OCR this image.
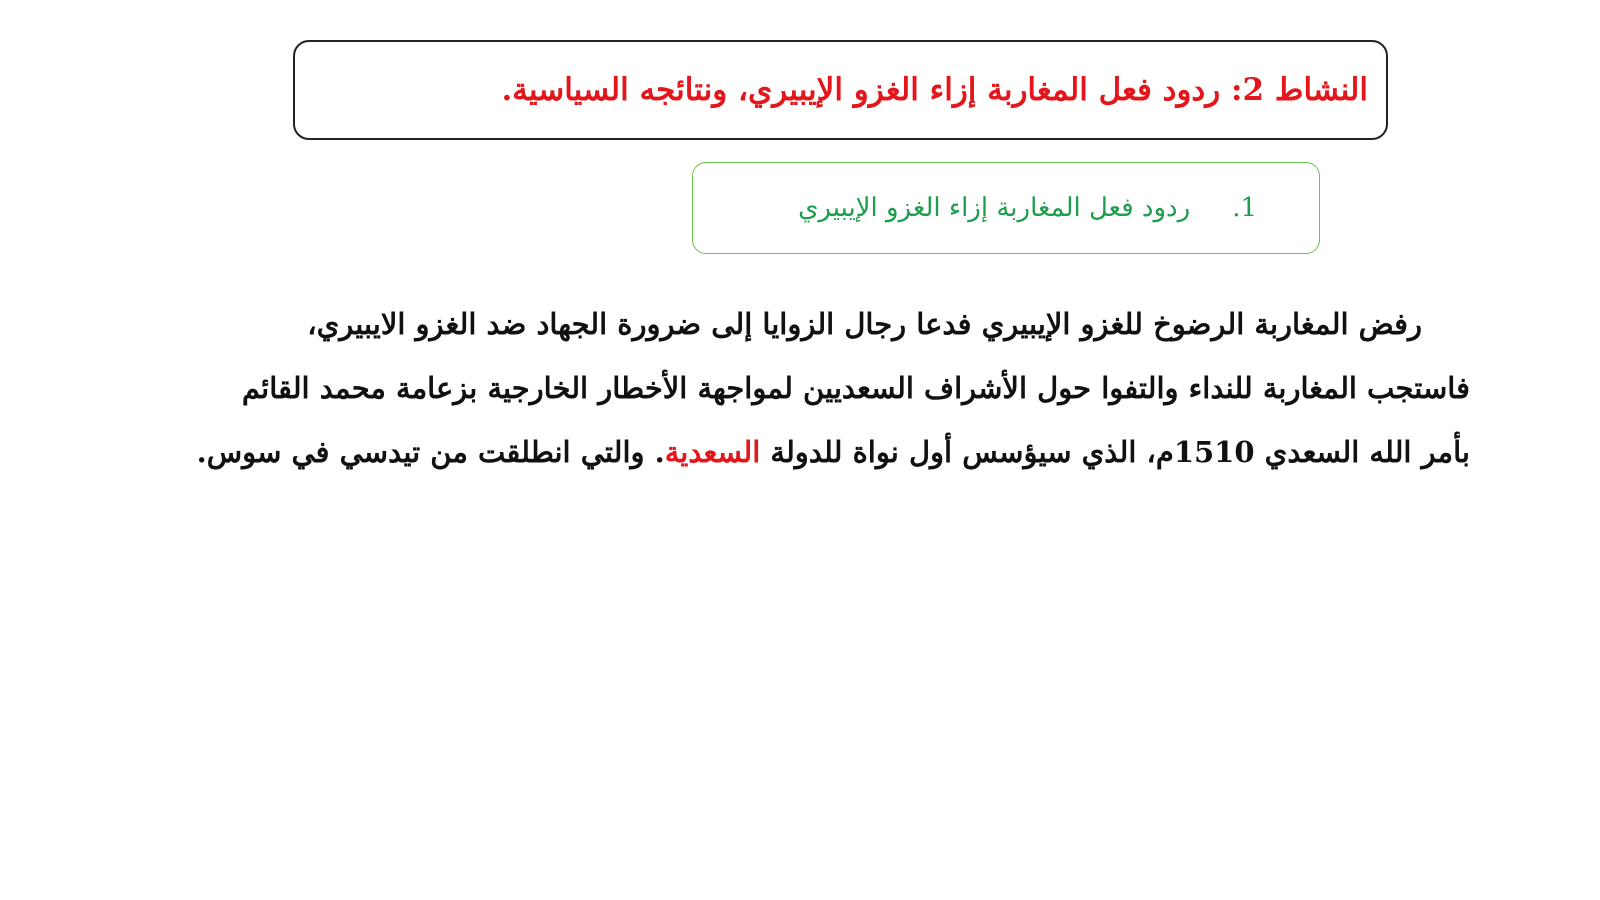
النشاط 2: ردود فعل المغاربة إزاء الغزو الإيبيري، ونتائجه السياسية.
1.
ردود فعل المغاربة إزاء الغزو الإيبيري
رفض المغاربة الرضوخ للغزو الإيبيري فدعا رجال الزوايا إلى ضرورة الجهاد ضد الغزو الايبيري،
فاستجب المغاربة للنداء والتفوا حول الأشراف السعديين لمواجهة الأخطار الخارجية بزعامة محمد القائم
بأمر الله السعدي 1510م، الذي سيؤسس أول نواة للدولة السعدية. والتي انطلقت من تيدسي في سوس.
